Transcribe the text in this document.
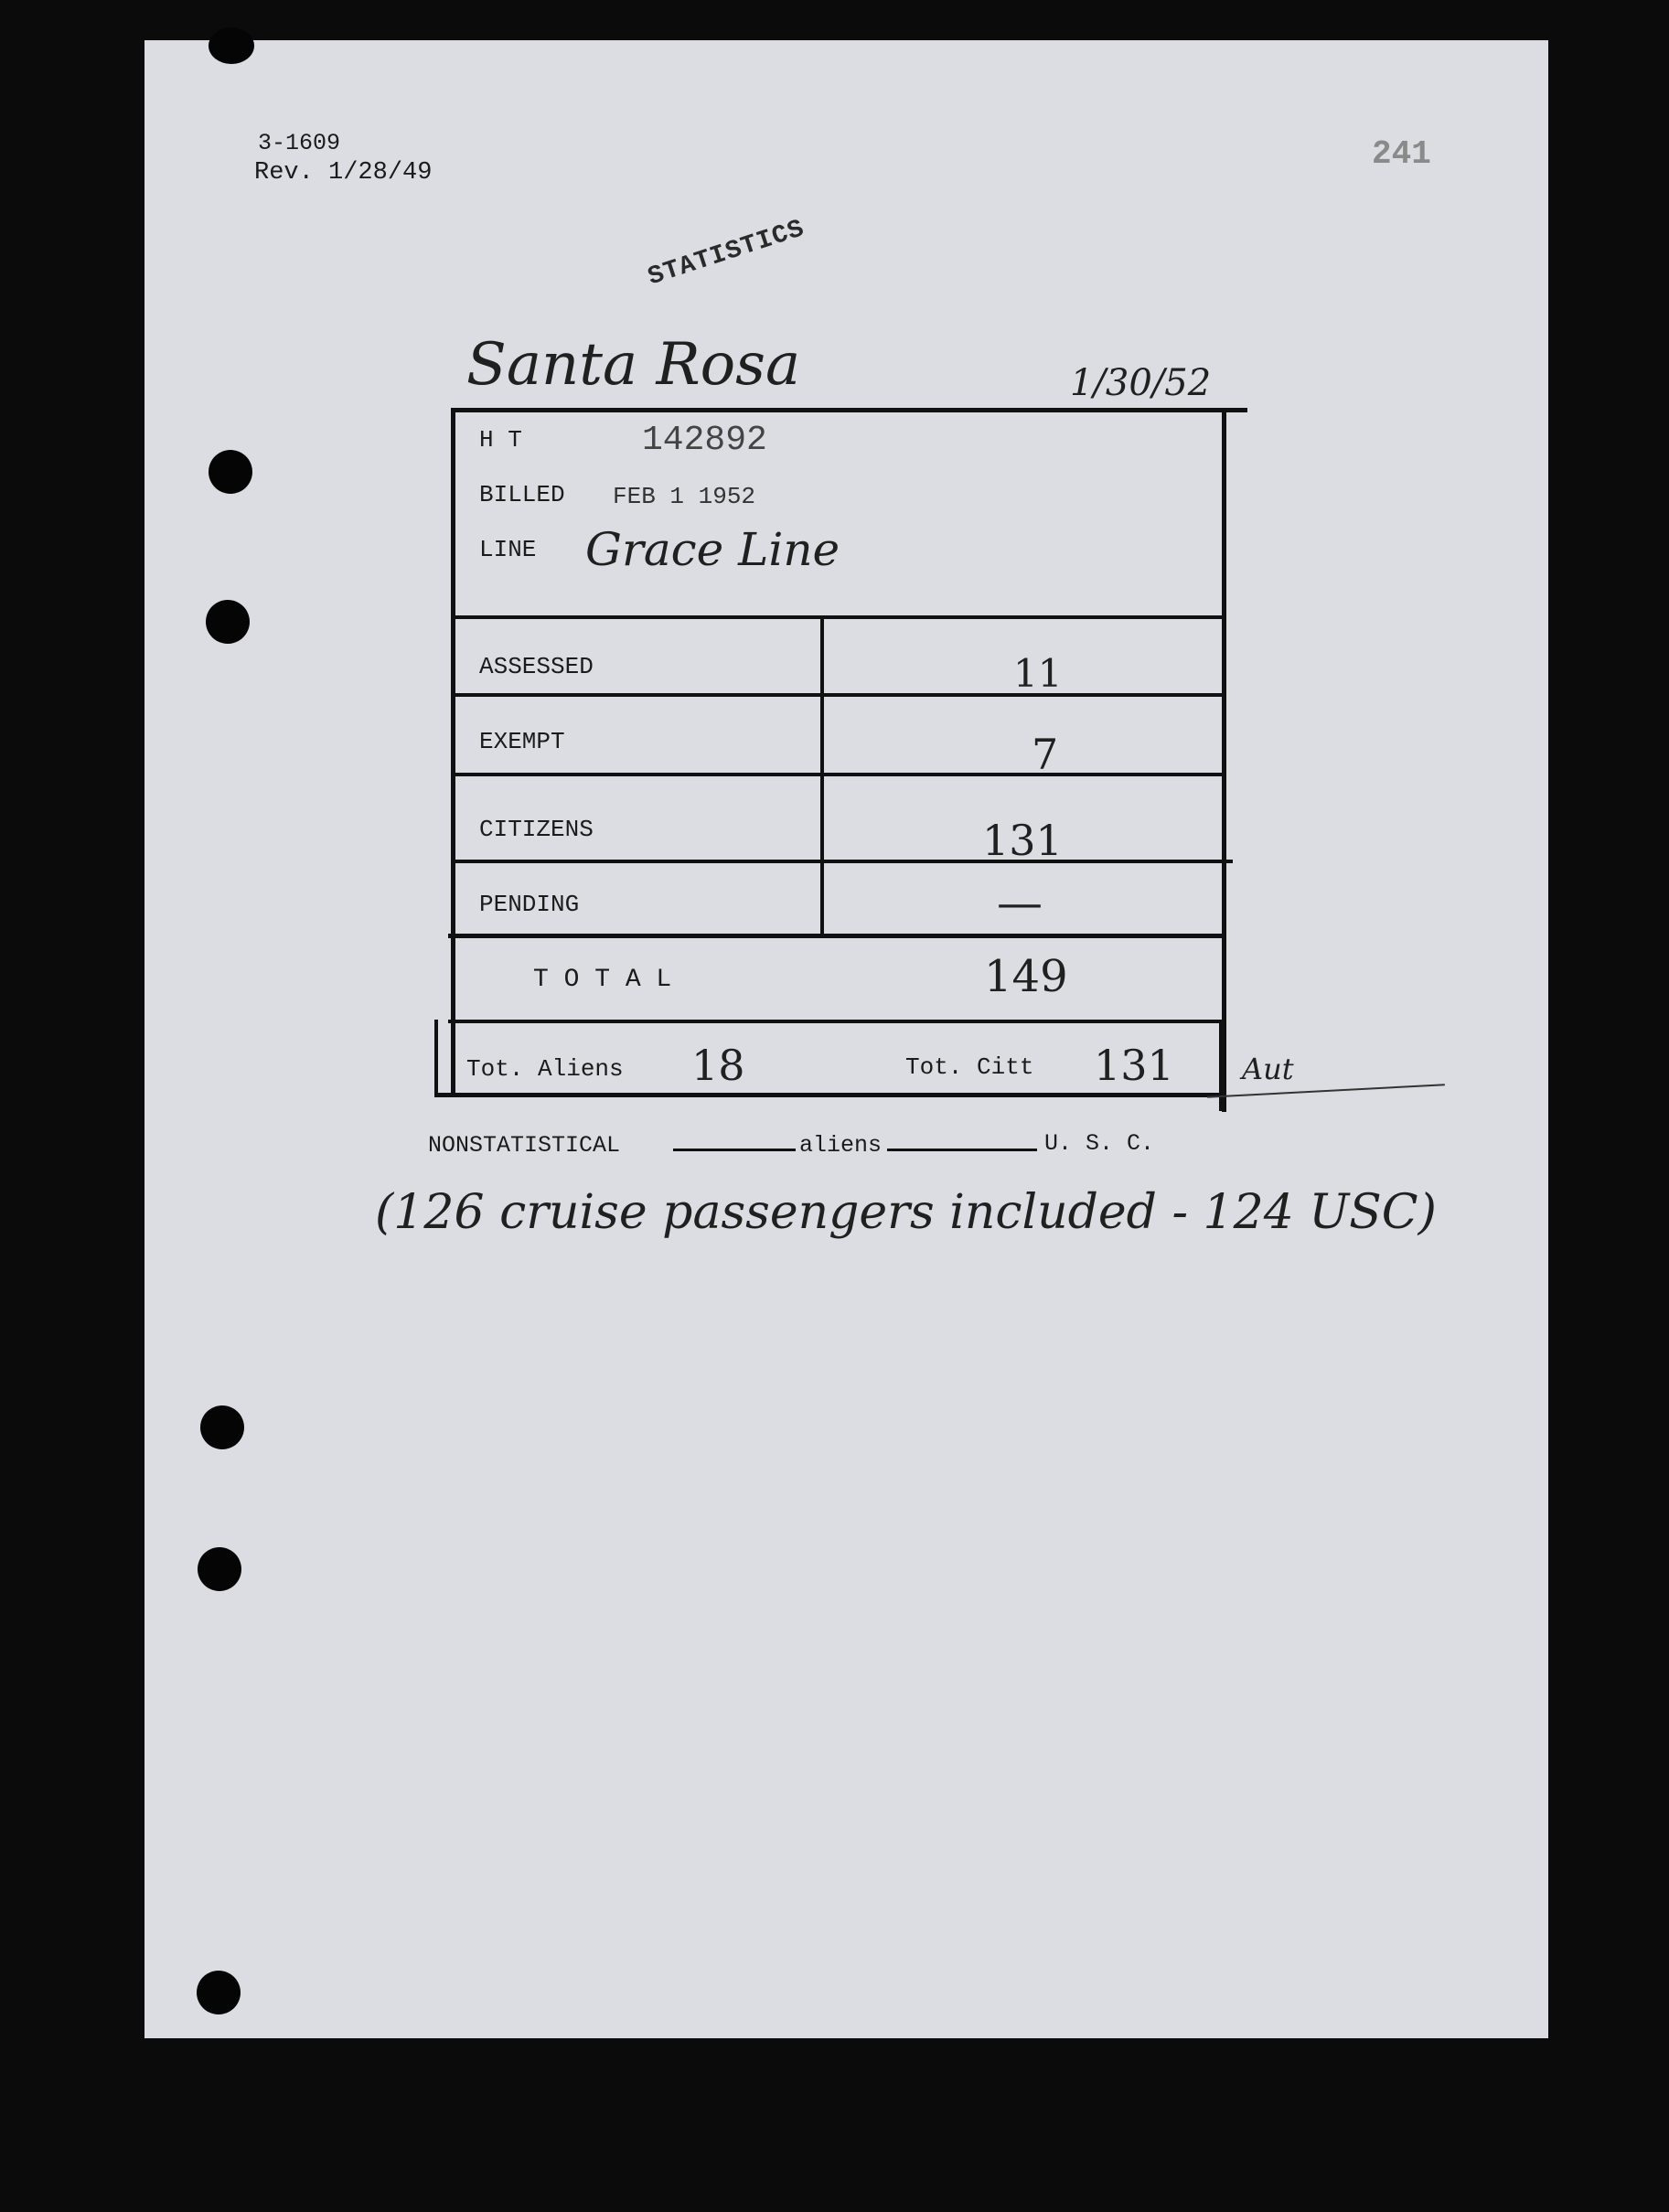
3-1609
Rev. 1/28/49	241
STATISTICS
Santa Rosa	1/30/52
H T	142892
BILLED FEB 1 1952
LINE Grace Line
ASSESSED	11
EXEMPT	7
CITIZENS	131
PENDING	—
T O T A L	149
Tot. Aliens 18	Tot. Citt 131 Aut
NONSTATISTICAL	aliens	U. S. C.
(126 cruise passengers included - 124 USC)
